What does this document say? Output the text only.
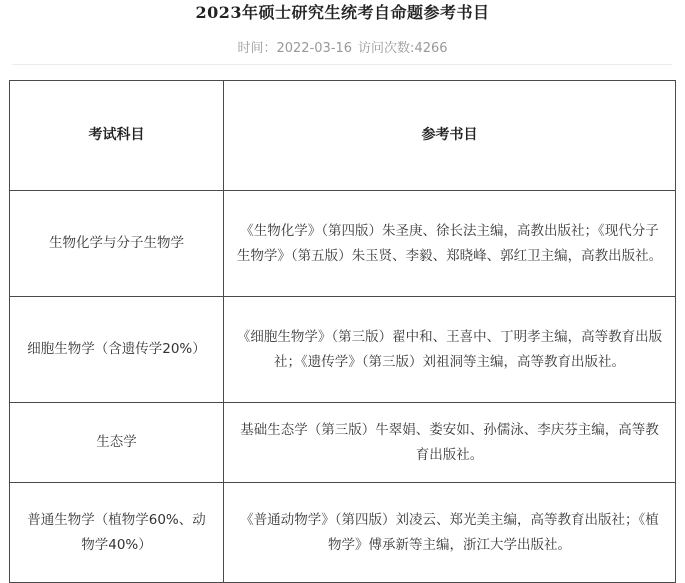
2023年硕士研究生统考自命题参考书目
时间：2022-03-16 访问次数:4266
考试科目	参考书目
生物化学与分子生物学	《生物化学》（第四版）朱圣庚、徐长法主编，高教出版社；《现代分子生物学》（第五版）朱玉贤、李毅、郑晓峰、郭红卫主编，高教出版社。
细胞生物学（含遗传学20%）	《细胞生物学》（第三版）翟中和、王喜中、丁明孝主编，高等教育出版社；《遗传学》（第三版）刘祖洞等主编，高等教育出版社。
生态学	基础生态学（第三版）牛翠娟、娄安如、孙儒泳、李庆芬主编，高等教育出版社。
普通生物学（植物学60%、动物学40%）	《普通动物学》（第四版）刘凌云、郑光美主编，高等教育出版社；《植物学》傅承新等主编，浙江大学出版社。
